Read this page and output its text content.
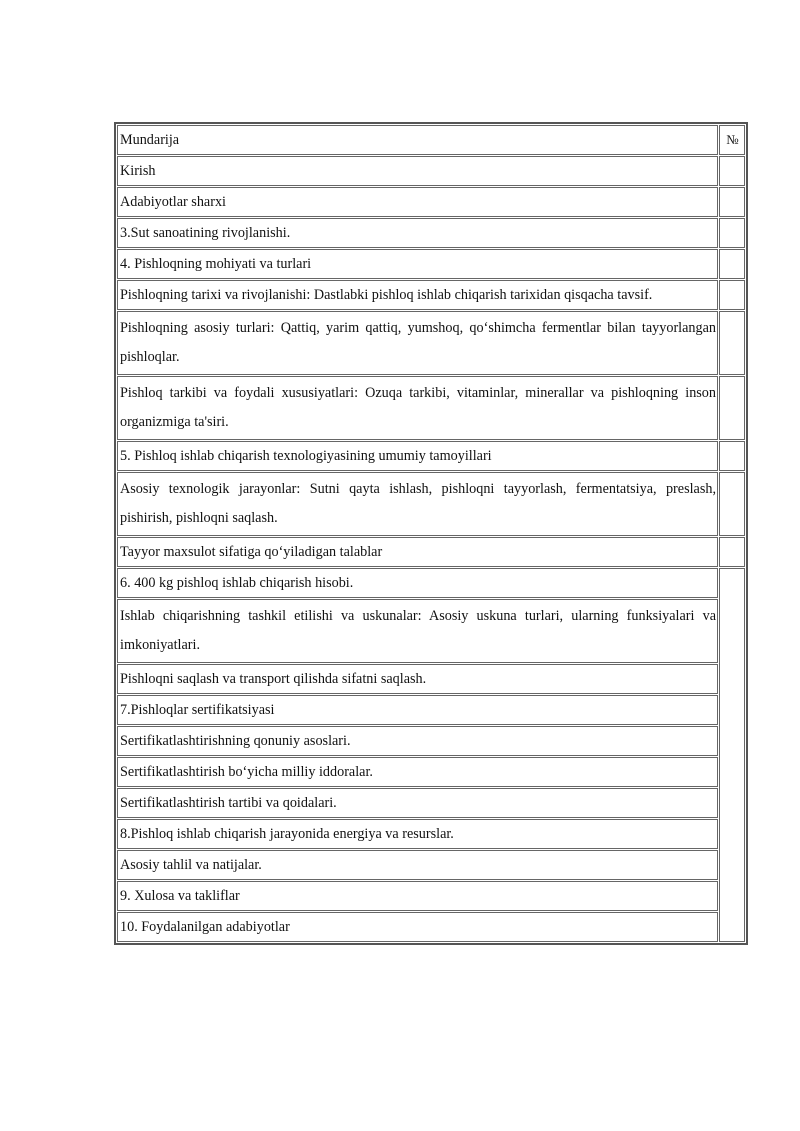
Mundarija	№
Kirish	
Adabiyotlar sharxi	
3.Sut sanoatining rivojlanishi.	
4. Pishloqning mohiyati va turlari	
Pishloqning tarixi va rivojlanishi: Dastlabki pishloq ishlab chiqarish tarixidan qisqacha tavsif.	
Pishloqning asosiy turlari: Qattiq, yarim qattiq, yumshoq, qo‘shimcha fermentlar bilan tayyorlangan pishloqlar.	
Pishloq tarkibi va foydali xususiyatlari: Ozuqa tarkibi, vitaminlar, minerallar va pishloqning inson organizmiga ta'siri.	
5. Pishloq ishlab chiqarish texnologiyasining umumiy tamoyillari	
Asosiy texnologik jarayonlar: Sutni qayta ishlash, pishloqni tayyorlash, fermentatsiya, preslash, pishirish, pishloqni saqlash.	
Tayyor maxsulot sifatiga qo‘yiladigan talablar	
6. 400 kg pishloq ishlab chiqarish hisobi.	
Ishlab chiqarishning tashkil etilishi va uskunalar: Asosiy uskuna turlari, ularning funksiyalari va imkoniyatlari.	
Pishloqni saqlash va transport qilishda sifatni saqlash.	
7.Pishloqlar sertifikatsiyasi	
Sertifikatlashtirishning qonuniy asoslari.	
Sertifikatlashtirish bo‘yicha milliy iddoralar.	
Sertifikatlashtirish tartibi va qoidalari.	
8.Pishloq ishlab chiqarish jarayonida energiya va resurslar.	
Asosiy tahlil va natijalar.	
9. Xulosa va takliflar	
10. Foydalanilgan adabiyotlar	
